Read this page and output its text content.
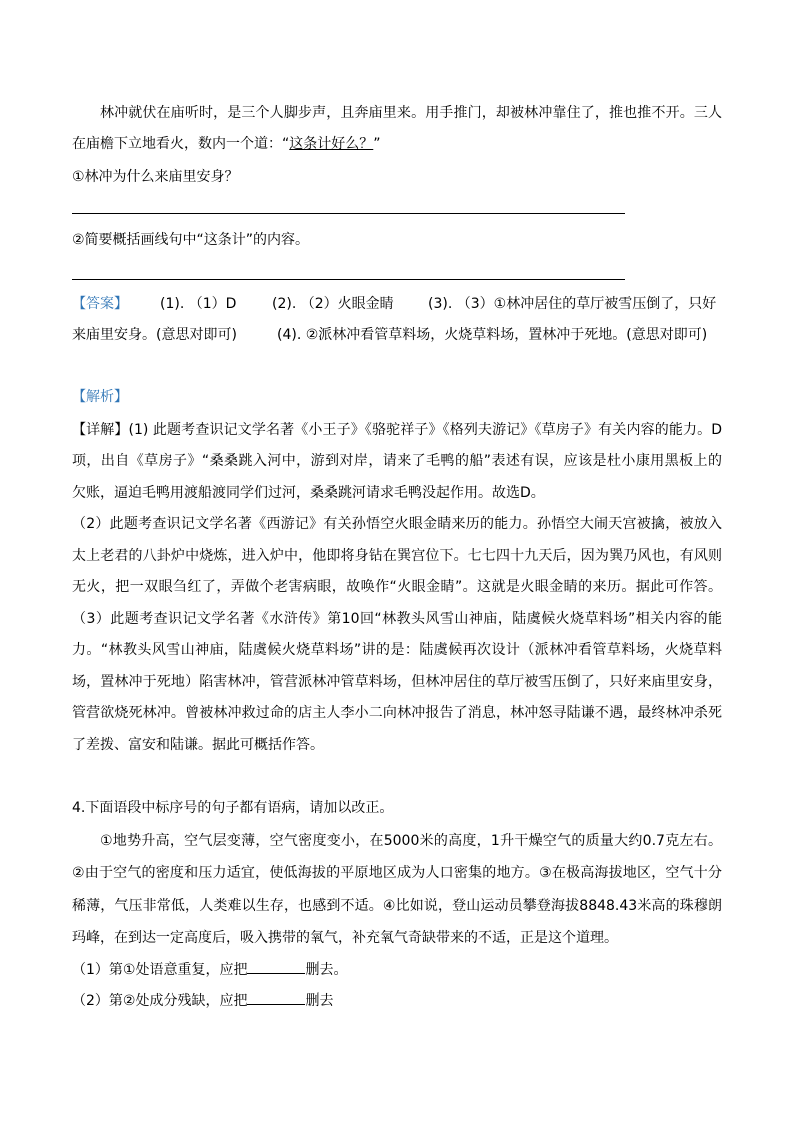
林冲就伏在庙听时，是三个人脚步声，且奔庙里来。用手推门，却被林冲靠住了，推也推不开。三人
在庙檐下立地看火，数内一个道：“这条计好么？”
①林冲为什么来庙里安身？
②简要概括画线句中“这条计”的内容。
【答案】 (1). （1）D	(2). （2）火眼金睛 (3). （3）①林冲居住的草厅被雪压倒了，只好
来庙里安身。(意思对即可)	(4). ②派林冲看管草料场，火烧草料场，置林冲于死地。(意思对即可)
【解析】
【详解】(1) 此题考查识记文学名著《小王子》《骆驼祥子》《格列夫游记》《草房子》有关内容的能力。D
项，出自《草房子》“桑桑跳入河中，游到对岸，请来了毛鸭的船”表述有误，应该是杜小康用黑板上的
欠账，逼迫毛鸭用渡船渡同学们过河，桑桑跳河请求毛鸭没起作用。故选D。
（2）此题考查识记文学名著《西游记》有关孙悟空火眼金睛来历的能力。孙悟空大闹天宫被擒，被放入
太上老君的八卦炉中烧炼，进入炉中，他即将身钻在巽宫位下。七七四十九天后，因为巽乃风也，有风则
无火，把一双眼刍红了，弄做个老害病眼，故唤作“火眼金睛”。这就是火眼金睛的来历。据此可作答。
（3）此题考查识记文学名著《水浒传》第10回“林教头风雪山神庙，陆虞候火烧草料场”相关内容的能
力。“林教头风雪山神庙，陆虞候火烧草料场”讲的是：陆虞候再次设计（派林冲看管草料场，火烧草料
场，置林冲于死地）陷害林冲，管营派林冲管草料场，但林冲居住的草厅被雪压倒了，只好来庙里安身，
管营欲烧死林冲。曾被林冲救过命的店主人李小二向林冲报告了消息，林冲怒寻陆谦不遇，最终林冲杀死
了差拨、富安和陆谦。据此可概括作答。
4.下面语段中标序号的句子都有语病，请加以改正。
①地势升高，空气层变薄，空气密度变小，在5000米的高度，1升干燥空气的质量大约0.7克左右。
②由于空气的密度和压力适宜，使低海拔的平原地区成为人口密集的地方。③在极高海拔地区，空气十分
稀薄，气压非常低，人类难以生存，也感到不适。④比如说，登山运动员攀登海拔8848.43米高的珠穆朗
玛峰，在到达一定高度后，吸入携带的氧气，补充氧气奇缺带来的不适，正是这个道理。
（1）第①处语意重复，应把	删去。
（2）第②处成分残缺，应把	删去
